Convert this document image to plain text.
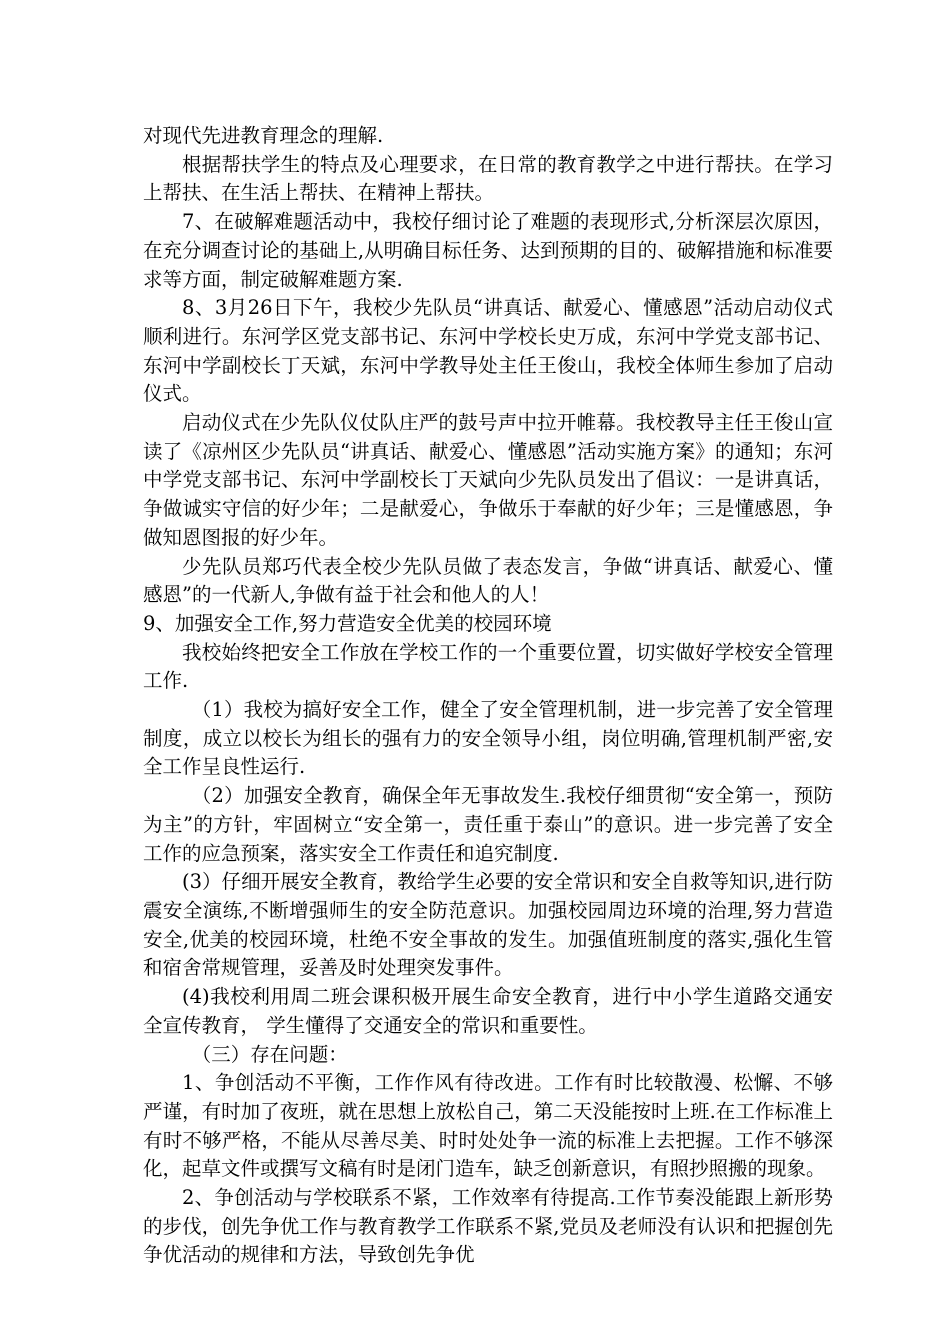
对现代先进教育理念的理解.

根据帮扶学生的特点及心理要求，在日常的教育教学之中进行帮扶。在学习上帮扶、在生活上帮扶、在精神上帮扶。

7、在破解难题活动中，我校仔细讨论了难题的表现形式,分析深层次原因，在充分调查讨论的基础上,从明确目标任务、达到预期的目的、破解措施和标准要求等方面，制定破解难题方案.

8、3月26日下午，我校少先队员“讲真话、献爱心、懂感恩”活动启动仪式顺利进行。东河学区党支部书记、东河中学校长史万成，东河中学党支部书记、东河中学副校长丁天斌，东河中学教导处主任王俊山，我校全体师生参加了启动仪式。

启动仪式在少先队仪仗队庄严的鼓号声中拉开帷幕。我校教导主任王俊山宣读了《凉州区少先队员“讲真话、献爱心、懂感恩”活动实施方案》的通知；东河中学党支部书记、东河中学副校长丁天斌向少先队员发出了倡议：一是讲真话，争做诚实守信的好少年；二是献爱心，争做乐于奉献的好少年；三是懂感恩，争做知恩图报的好少年。

少先队员郑巧代表全校少先队员做了表态发言，争做“讲真话、献爱心、懂感恩”的一代新人,争做有益于社会和他人的人！

9、加强安全工作,努力营造安全优美的校园环境

我校始终把安全工作放在学校工作的一个重要位置，切实做好学校安全管理工作.

（1）我校为搞好安全工作，健全了安全管理机制，进一步完善了安全管理制度，成立以校长为组长的强有力的安全领导小组，岗位明确,管理机制严密,安全工作呈良性运行.

（2）加强安全教育，确保全年无事故发生.我校仔细贯彻“安全第一，预防为主”的方针，牢固树立“安全第一，责任重于泰山”的意识。进一步完善了安全工作的应急预案，落实安全工作责任和追究制度.

(3）仔细开展安全教育，教给学生必要的安全常识和安全自救等知识,进行防震安全演练,不断增强师生的安全防范意识。加强校园周边环境的治理,努力营造安全,优美的校园环境，杜绝不安全事故的发生。加强值班制度的落实,强化生管和宿舍常规管理，妥善及时处理突发事件。

(4)我校利用周二班会课积极开展生命安全教育，进行中小学生道路交通安全宣传教育， 学生懂得了交通安全的常识和重要性。

（三）存在问题：

1、争创活动不平衡，工作作风有待改进。工作有时比较散漫、松懈、不够严谨，有时加了夜班，就在思想上放松自己，第二天没能按时上班.在工作标准上有时不够严格，不能从尽善尽美、时时处处争一流的标准上去把握。工作不够深化，起草文件或撰写文稿有时是闭门造车，缺乏创新意识，有照抄照搬的现象。

2、争创活动与学校联系不紧，工作效率有待提高.工作节奏没能跟上新形势的步伐，创先争优工作与教育教学工作联系不紧,党员及老师没有认识和把握创先争优活动的规律和方法，导致创先争优
